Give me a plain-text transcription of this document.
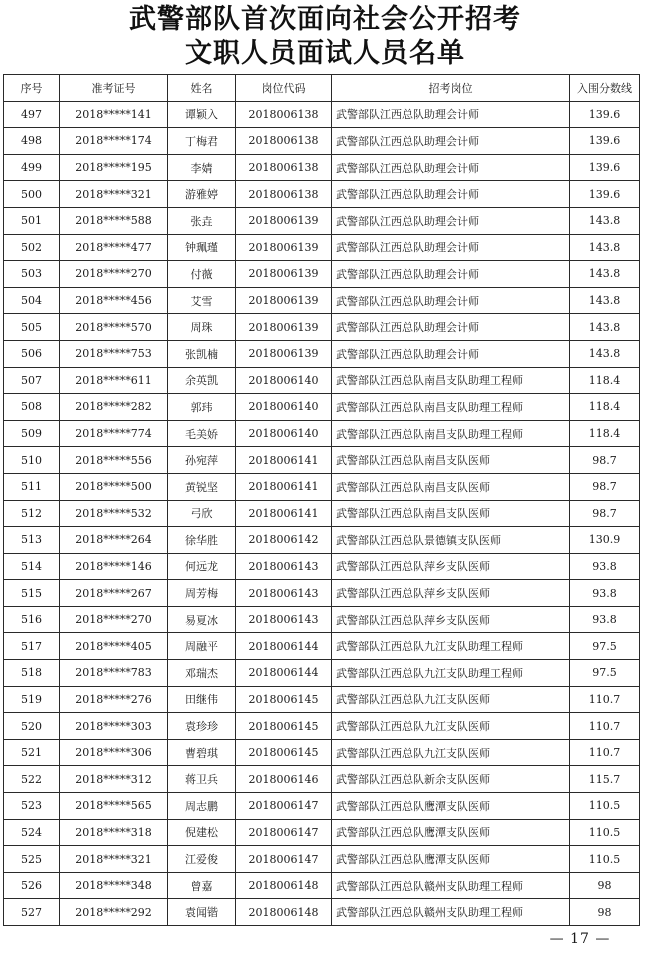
武警部队首次面向社会公开招考
文职人员面试人员名单
序号	准考证号	姓名	岗位代码	招考岗位	入围分数线
497	2018*****141	谭颖入	2018006138	武警部队江西总队助理会计师	139.6
498	2018*****174	丁梅君	2018006138	武警部队江西总队助理会计师	139.6
499	2018*****195	李婧	2018006138	武警部队江西总队助理会计师	139.6
500	2018*****321	游雅婷	2018006138	武警部队江西总队助理会计师	139.6
501	2018*****588	张垚	2018006139	武警部队江西总队助理会计师	143.8
502	2018*****477	钟珮瑾	2018006139	武警部队江西总队助理会计师	143.8
503	2018*****270	付薇	2018006139	武警部队江西总队助理会计师	143.8
504	2018*****456	艾雪	2018006139	武警部队江西总队助理会计师	143.8
505	2018*****570	周珠	2018006139	武警部队江西总队助理会计师	143.8
506	2018*****753	张凯楠	2018006139	武警部队江西总队助理会计师	143.8
507	2018*****611	余英凯	2018006140	武警部队江西总队南昌支队助理工程师	118.4
508	2018*****282	郭玮	2018006140	武警部队江西总队南昌支队助理工程师	118.4
509	2018*****774	毛美娇	2018006140	武警部队江西总队南昌支队助理工程师	118.4
510	2018*****556	孙宛萍	2018006141	武警部队江西总队南昌支队医师	98.7
511	2018*****500	黄锐坚	2018006141	武警部队江西总队南昌支队医师	98.7
512	2018*****532	弓欣	2018006141	武警部队江西总队南昌支队医师	98.7
513	2018*****264	徐华胜	2018006142	武警部队江西总队景德镇支队医师	130.9
514	2018*****146	何远龙	2018006143	武警部队江西总队萍乡支队医师	93.8
515	2018*****267	周芳梅	2018006143	武警部队江西总队萍乡支队医师	93.8
516	2018*****270	易夏冰	2018006143	武警部队江西总队萍乡支队医师	93.8
517	2018*****405	周融平	2018006144	武警部队江西总队九江支队助理工程师	97.5
518	2018*****783	邓瑞杰	2018006144	武警部队江西总队九江支队助理工程师	97.5
519	2018*****276	田继伟	2018006145	武警部队江西总队九江支队医师	110.7
520	2018*****303	袁珍珍	2018006145	武警部队江西总队九江支队医师	110.7
521	2018*****306	曹碧琪	2018006145	武警部队江西总队九江支队医师	110.7
522	2018*****312	蒋卫兵	2018006146	武警部队江西总队新余支队医师	115.7
523	2018*****565	周志鹏	2018006147	武警部队江西总队鹰潭支队医师	110.5
524	2018*****318	倪建松	2018006147	武警部队江西总队鹰潭支队医师	110.5
525	2018*****321	江爱俊	2018006147	武警部队江西总队鹰潭支队医师	110.5
526	2018*****348	曾嘉	2018006148	武警部队江西总队赣州支队助理工程师	98
527	2018*****292	袁闻锴	2018006148	武警部队江西总队赣州支队助理工程师	98
— 17 —
